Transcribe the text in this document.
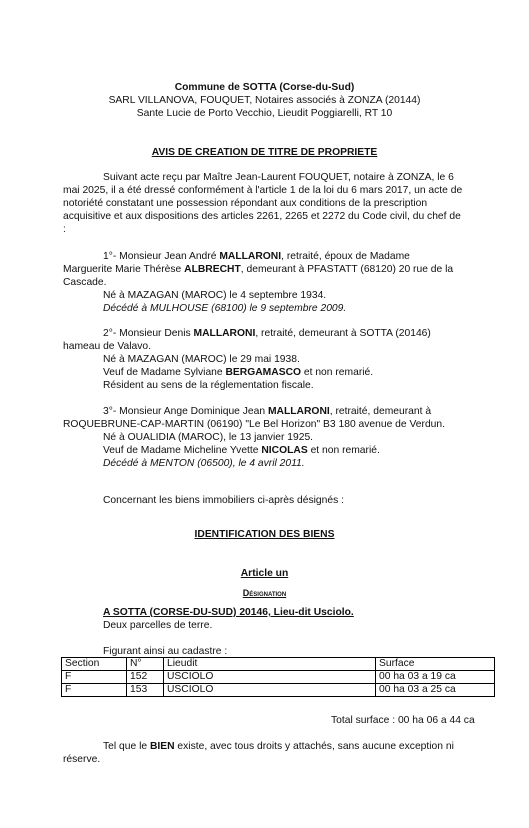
Commune de SOTTA (Corse-du-Sud)
SARL VILLANOVA, FOUQUET, Notaires associés à ZONZA (20144)
Sante Lucie de Porto Vecchio, Lieudit Poggiarelli, RT 10
AVIS DE CREATION DE TITRE DE PROPRIETE
Suivant acte reçu par Maître Jean-Laurent FOUQUET, notaire à ZONZA, le 6
mai 2025, il a été dressé conformément à l'article 1 de la loi du 6 mars 2017, un acte de
notoriété constatant une possession répondant aux conditions de la prescription
acquisitive et aux dispositions des articles 2261, 2265 et 2272 du Code civil, du chef de
:
1°- Monsieur Jean André MALLARONI, retraité, époux de Madame
Marguerite Marie Thérèse ALBRECHT, demeurant à PFASTATT (68120) 20 rue de la
Cascade.
Né à MAZAGAN (MAROC) le 4 septembre 1934.
Décédé à MULHOUSE (68100) le 9 septembre 2009.
2°- Monsieur Denis MALLARONI, retraité, demeurant à SOTTA (20146)
hameau de Valavo.
Né à MAZAGAN (MAROC) le 29 mai 1938.
Veuf de Madame Sylviane BERGAMASCO et non remarié.
Résident au sens de la réglementation fiscale.
3°- Monsieur Ange Dominique Jean MALLARONI, retraité, demeurant à
ROQUEBRUNE-CAP-MARTIN (06190) "Le Bel Horizon" B3 180 avenue de Verdun.
Né à OUALIDIA (MAROC), le 13 janvier 1925.
Veuf de Madame Micheline Yvette NICOLAS et non remarié.
Décédé à MENTON (06500), le 4 avril 2011.
Concernant les biens immobiliers ci-après désignés :
IDENTIFICATION DES BIENS
Article un
Désignation
A SOTTA (CORSE-DU-SUD) 20146, Lieu-dit Usciolo.
Deux parcelles de terre.
Figurant ainsi au cadastre :
Section	N°	Lieudit	Surface
F	152	USCIOLO	00 ha 03 a 19 ca
F	153	USCIOLO	00 ha 03 a 25 ca
Total surface : 00 ha 06 a 44 ca
Tel que le BIEN existe, avec tous droits y attachés, sans aucune exception ni
réserve.
